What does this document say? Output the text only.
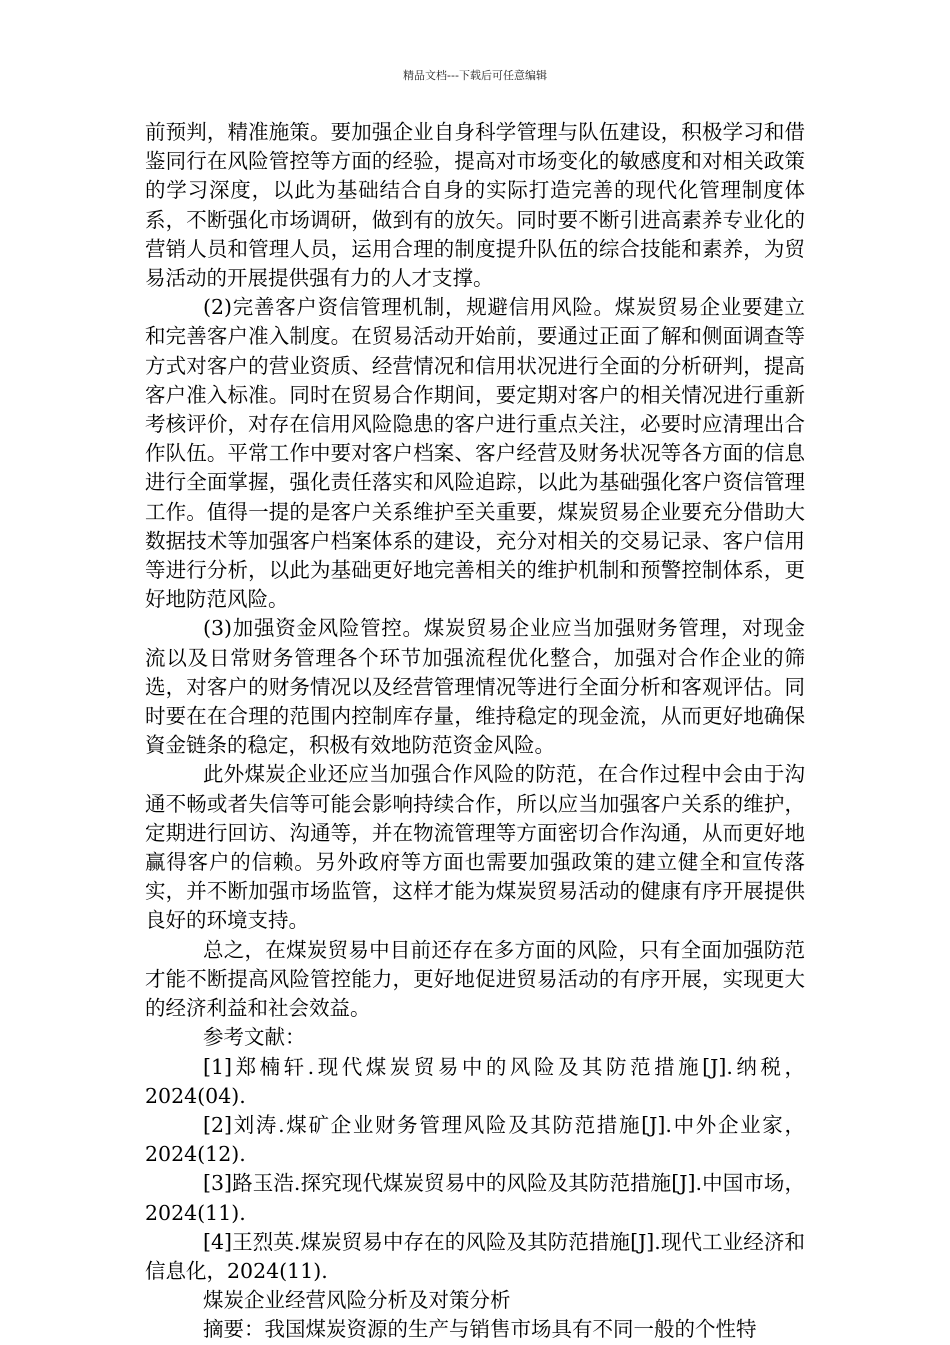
精品文档---下载后可任意编辑

前预判，精准施策。要加强企业自身科学管理与队伍建设，积极学习和借鉴同行在风险管控等方面的经验，提高对市场变化的敏感度和对相关政策的学习深度，以此为基础结合自身的实际打造完善的现代化管理制度体系，不断强化市场调研，做到有的放矢。同时要不断引进高素养专业化的营销人员和管理人员，运用合理的制度提升队伍的综合技能和素养，为贸易活动的开展提供强有力的人才支撑。

(2)完善客户资信管理机制，规避信用风险。煤炭贸易企业要建立和完善客户准入制度。在贸易活动开始前，要通过正面了解和侧面调查等方式对客户的营业资质、经营情况和信用状况进行全面的分析研判，提高客户准入标准。同时在贸易合作期间，要定期对客户的相关情况进行重新考核评价，对存在信用风险隐患的客户进行重点关注，必要时应清理出合作队伍。平常工作中要对客户档案、客户经营及财务状况等各方面的信息进行全面掌握，强化责任落实和风险追踪，以此为基础强化客户资信管理工作。值得一提的是客户关系维护至关重要，煤炭贸易企业要充分借助大数据技术等加强客户档案体系的建设，充分对相关的交易记录、客户信用等进行分析，以此为基础更好地完善相关的维护机制和预警控制体系，更好地防范风险。

(3)加强资金风险管控。煤炭贸易企业应当加强财务管理，对现金流以及日常财务管理各个环节加强流程优化整合，加强对合作企业的筛选，对客户的财务情况以及经营管理情况等进行全面分析和客观评估。同时要在在合理的范围内控制库存量，维持稳定的现金流，从而更好地确保資金链条的稳定，积极有效地防范资金风险。

此外煤炭企业还应当加强合作风险的防范，在合作过程中会由于沟通不畅或者失信等可能会影响持续合作，所以应当加强客户关系的维护，定期进行回访、沟通等，并在物流管理等方面密切合作沟通，从而更好地赢得客户的信赖。另外政府等方面也需要加强政策的建立健全和宣传落实，并不断加强市场监管，这样才能为煤炭贸易活动的健康有序开展提供良好的环境支持。

总之，在煤炭贸易中目前还存在多方面的风险，只有全面加强防范才能不断提高风险管控能力，更好地促进贸易活动的有序开展，实现更大的经济利益和社会效益。

参考文献：

[1]郑楠轩.现代煤炭贸易中的风险及其防范措施[J].纳税，2024(04).

[2]刘涛.煤矿企业财务管理风险及其防范措施[J].中外企业家，2024(12).

[3]路玉浩.探究现代煤炭贸易中的风险及其防范措施[J].中国市场，2024(11).

[4]王烈英.煤炭贸易中存在的风险及其防范措施[J].现代工业经济和信息化，2024(11).

煤炭企业经营风险分析及对策分析

摘要：我国煤炭资源的生产与销售市场具有不同一般的个性特
